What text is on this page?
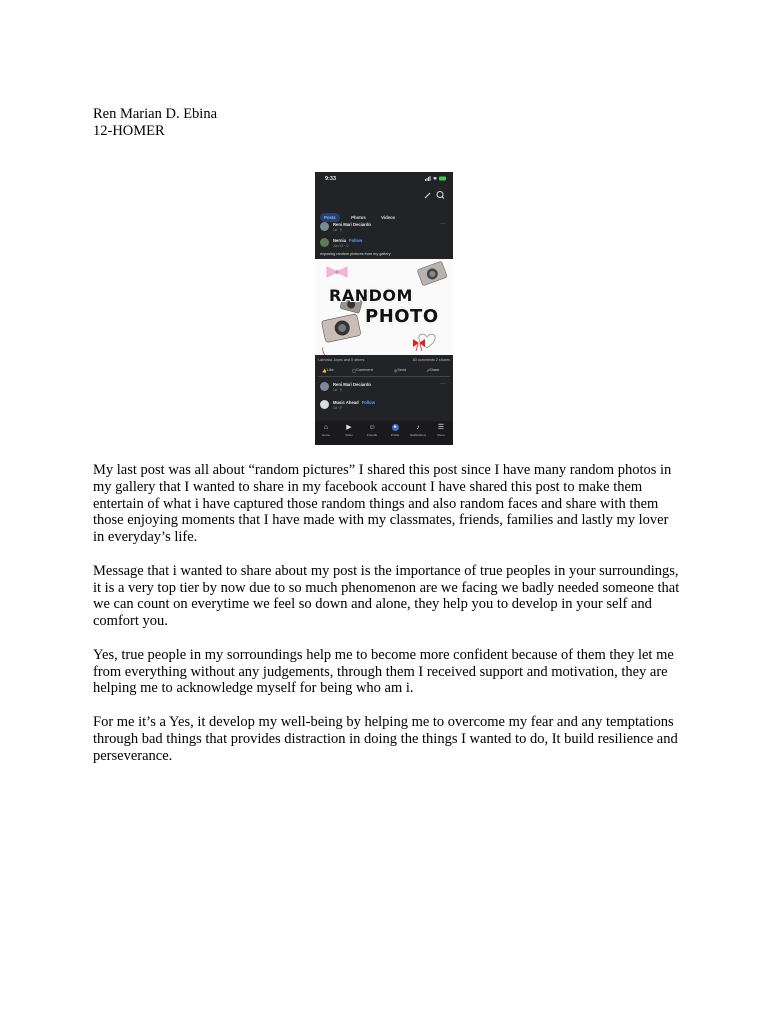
Ren Marian D. Ebina
12-HOMER
9:33
Posts	Photos	Videos
Reni Mari Deciardo
1d · ⚲
···
Nernia Follow
Jun 13 · ⚲
exposing random pictures from my gallery
RANDOM
PHOTO
Larnosia Joyes and 5 others	83 comments 2 shares
👍 Like	◯ Comment	◎ Send	↗ Share
Reni Mari Deciardo
1d · ⚲
···
Music Ahead Follow
1d · ⚲
⌂
Home
▶
Video
☺
Friends
●
Profile
♪
Notifications
☰
Menu

My last post was all about “random pictures” I shared this post since I have many random photos in my gallery that I wanted to share in my facebook account I have shared this post to make them entertain of what i have captured those random things and also random faces and share with them those enjoying moments that I have made with my classmates, friends, families and lastly my lover in everyday’s life.

Message that i wanted to share about my post is the importance of true peoples in your surroundings, it is a very top tier by now due to so much phenomenon are we facing we badly needed someone that we can count on everytime we feel so down and alone, they help you to develop in your self and comfort you.

Yes, true people in my sorroundings help me to become more confident because of them they let me from everything without any judgements, through them I received support and motivation, they are helping me to acknowledge myself for being who am i.

For me it’s a Yes, it develop my well-being by helping me to overcome my fear and any temptations through bad things that provides distraction in doing the things I wanted to do, It build resilience and perseverance.
